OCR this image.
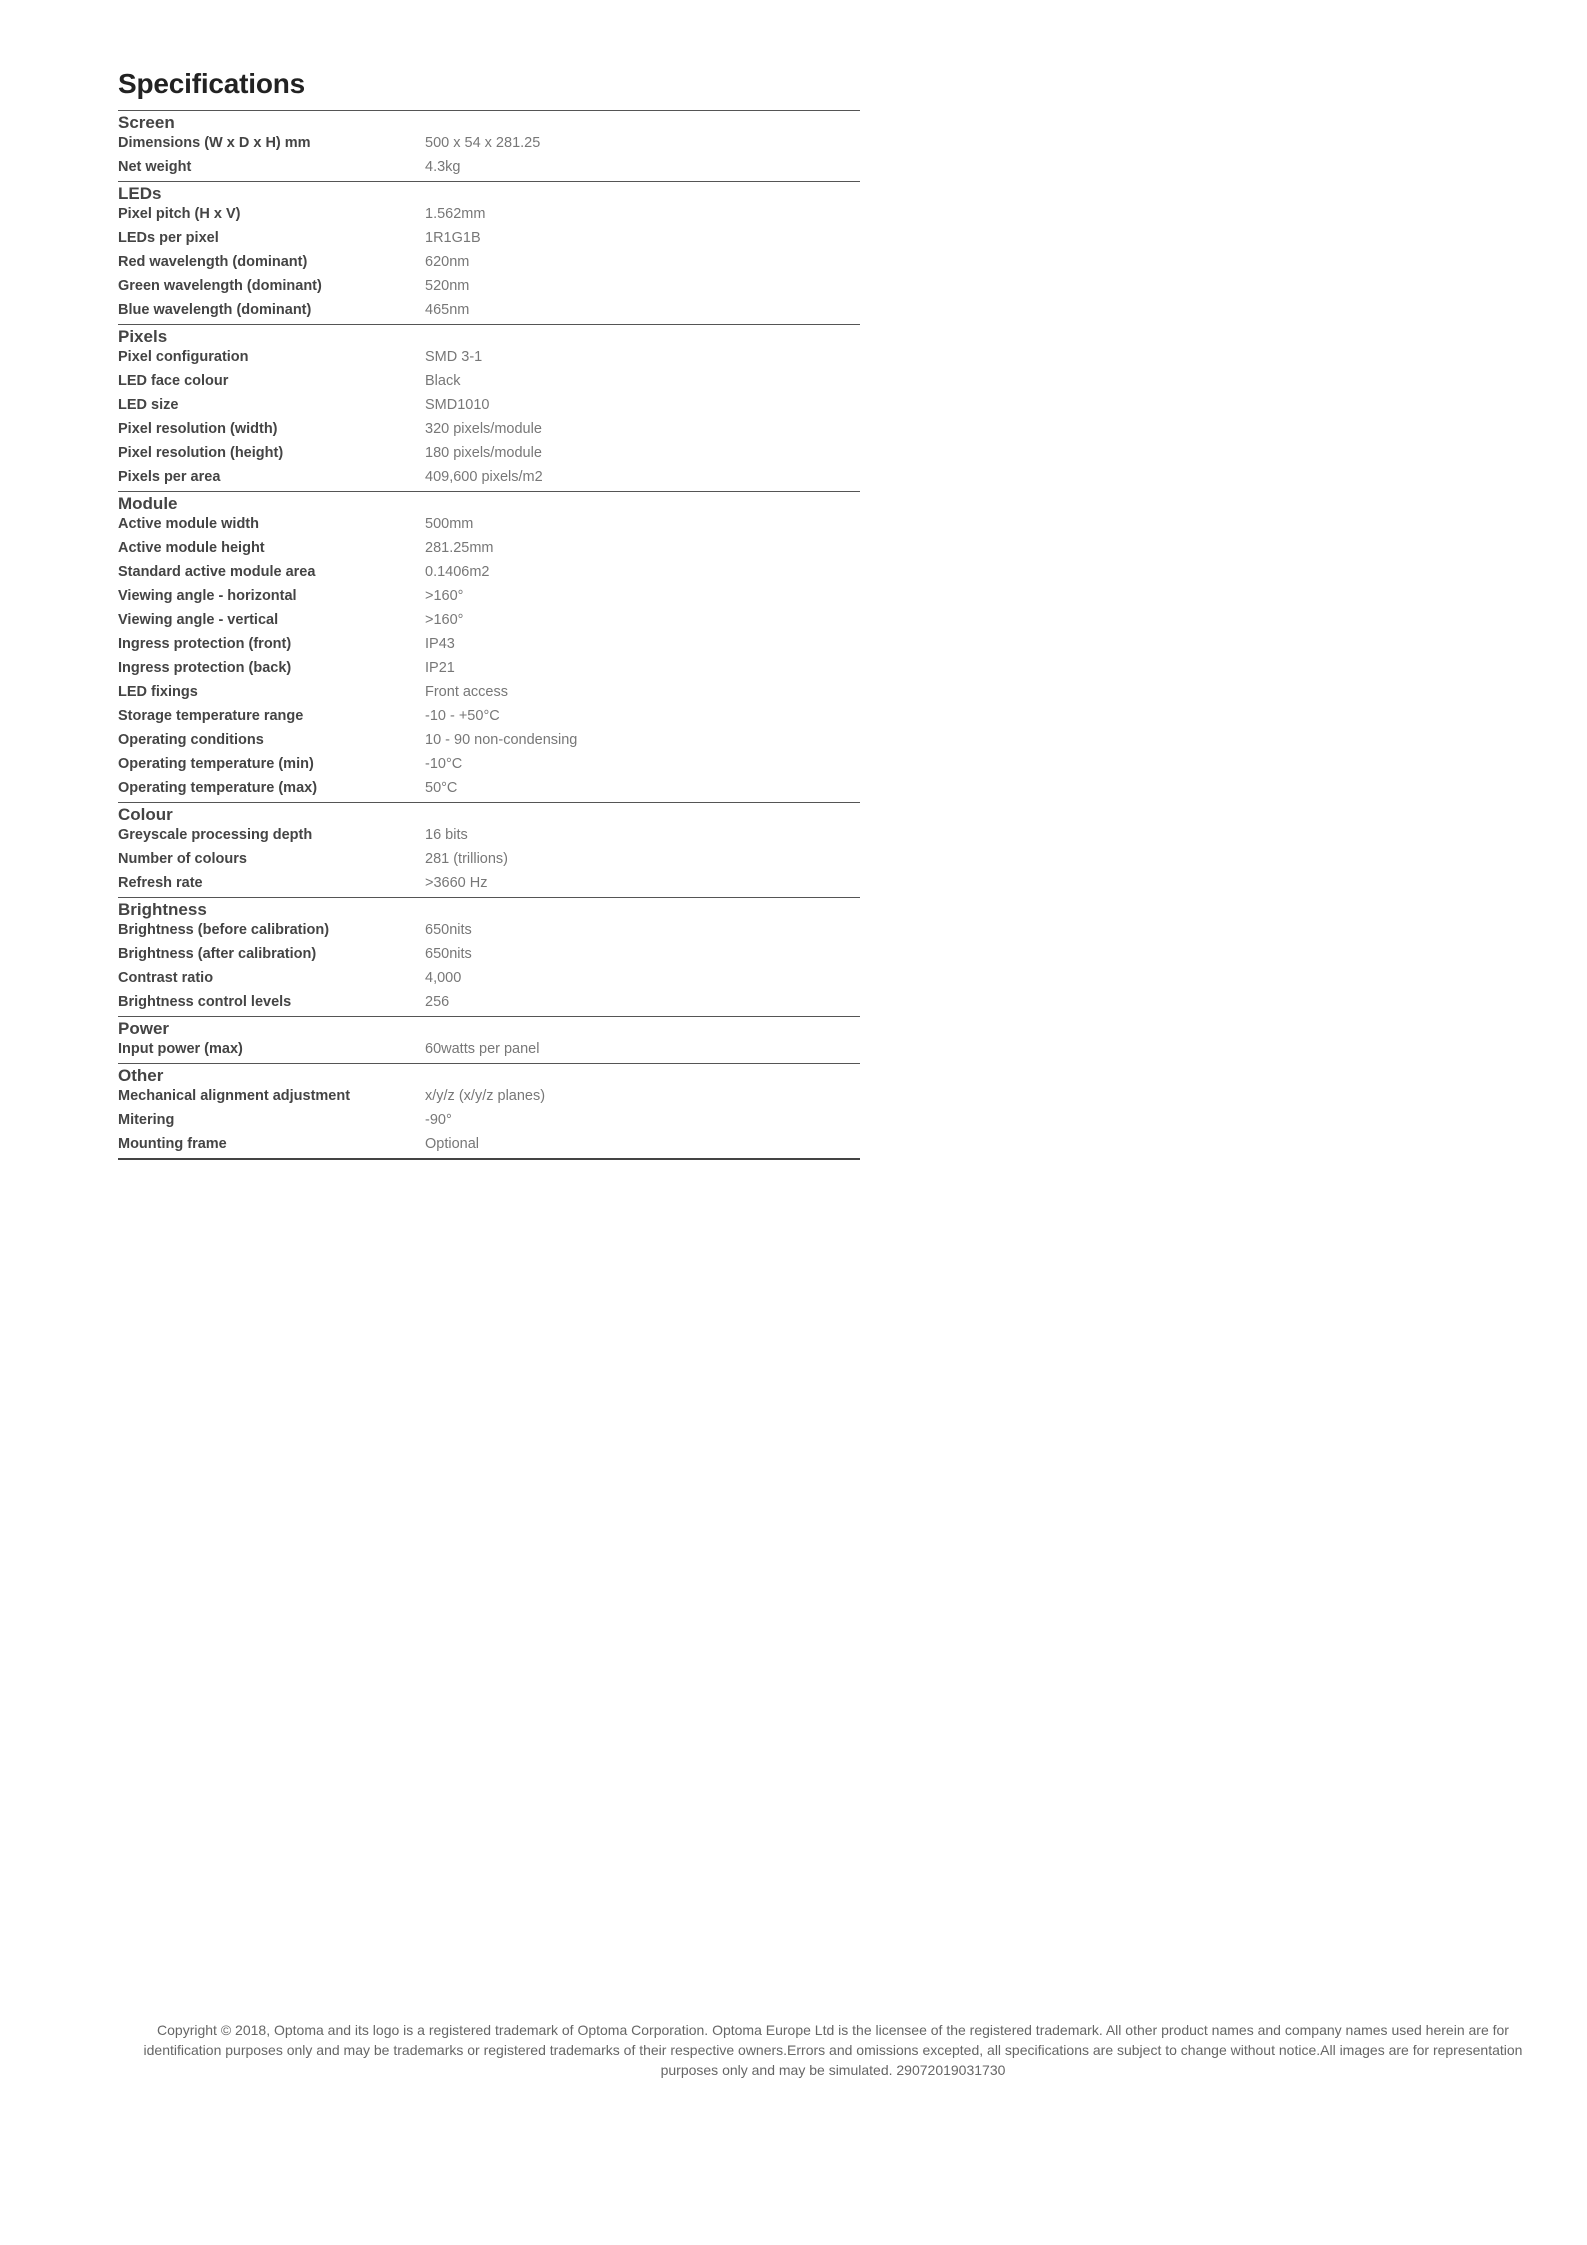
Specifications
Screen
Dimensions (W x D x H) mm	500 x 54 x 281.25
Net weight	4.3kg
LEDs
Pixel pitch (H x V)	1.562mm
LEDs per pixel	1R1G1B
Red wavelength (dominant)	620nm
Green wavelength (dominant)	520nm
Blue wavelength (dominant)	465nm
Pixels
Pixel configuration	SMD 3-1
LED face colour	Black
LED size	SMD1010
Pixel resolution (width)	320 pixels/module
Pixel resolution (height)	180 pixels/module
Pixels per area	409,600 pixels/m2
Module
Active module width	500mm
Active module height	281.25mm
Standard active module area	0.1406m2
Viewing angle - horizontal	>160°
Viewing angle - vertical	>160°
Ingress protection (front)	IP43
Ingress protection (back)	IP21
LED fixings	Front access
Storage temperature range	-10 - +50°C
Operating conditions	10 - 90 non-condensing
Operating temperature (min)	-10°C
Operating temperature (max)	50°C
Colour
Greyscale processing depth	16 bits
Number of colours	281 (trillions)
Refresh rate	>3660 Hz
Brightness
Brightness (before calibration)	650nits
Brightness (after calibration)	650nits
Contrast ratio	4,000
Brightness control levels	256
Power
Input power (max)	60watts per panel
Other
Mechanical alignment adjustment	x/y/z (x/y/z planes)
Mitering	-90°
Mounting frame	Optional
Copyright © 2018, Optoma and its logo is a registered trademark of Optoma Corporation. Optoma Europe Ltd is the licensee of the registered trademark. All other product names and company names used herein are for identification purposes only and may be trademarks or registered trademarks of their respective owners.Errors and omissions excepted, all specifications are subject to change without notice.All images are for representation purposes only and may be simulated. 29072019031730
